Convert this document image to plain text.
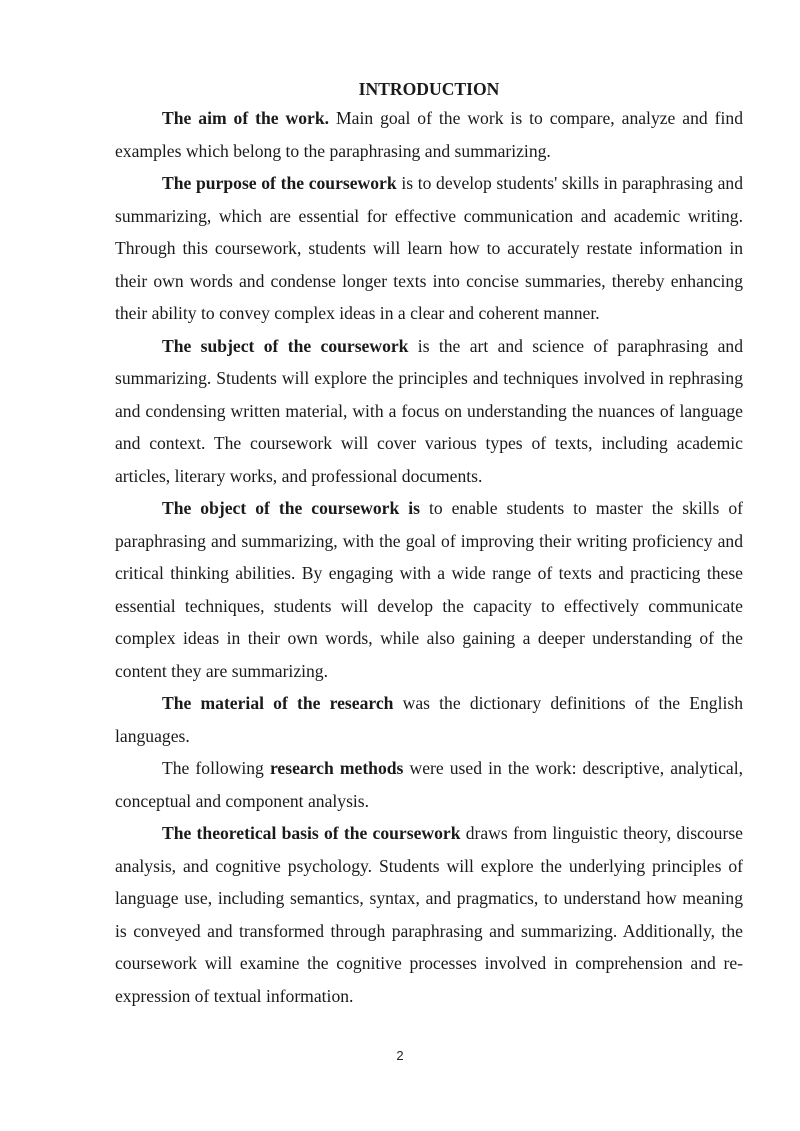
INTRODUCTION

The aim of the work. Main goal of the work is to compare, analyze and find examples which belong to the paraphrasing and summarizing.

The purpose of the coursework is to develop students' skills in paraphrasing and summarizing, which are essential for effective communication and academic writing. Through this coursework, students will learn how to accurately restate information in their own words and condense longer texts into concise summaries, thereby enhancing their ability to convey complex ideas in a clear and coherent manner.

The subject of the coursework is the art and science of paraphrasing and summarizing. Students will explore the principles and techniques involved in rephrasing and condensing written material, with a focus on understanding the nuances of language and context. The coursework will cover various types of texts, including academic articles, literary works, and professional documents.

The object of the coursework is to enable students to master the skills of paraphrasing and summarizing, with the goal of improving their writing proficiency and critical thinking abilities. By engaging with a wide range of texts and practicing these essential techniques, students will develop the capacity to effectively communicate complex ideas in their own words, while also gaining a deeper understanding of the content they are summarizing.

The material of the research was the dictionary definitions of the English languages.

The following research methods were used in the work: descriptive, analytical, conceptual and component analysis.

The theoretical basis of the coursework draws from linguistic theory, discourse analysis, and cognitive psychology. Students will explore the underlying principles of language use, including semantics, syntax, and pragmatics, to understand how meaning is conveyed and transformed through paraphrasing and summarizing. Additionally, the coursework will examine the cognitive processes involved in comprehension and re-expression of textual information.

2
